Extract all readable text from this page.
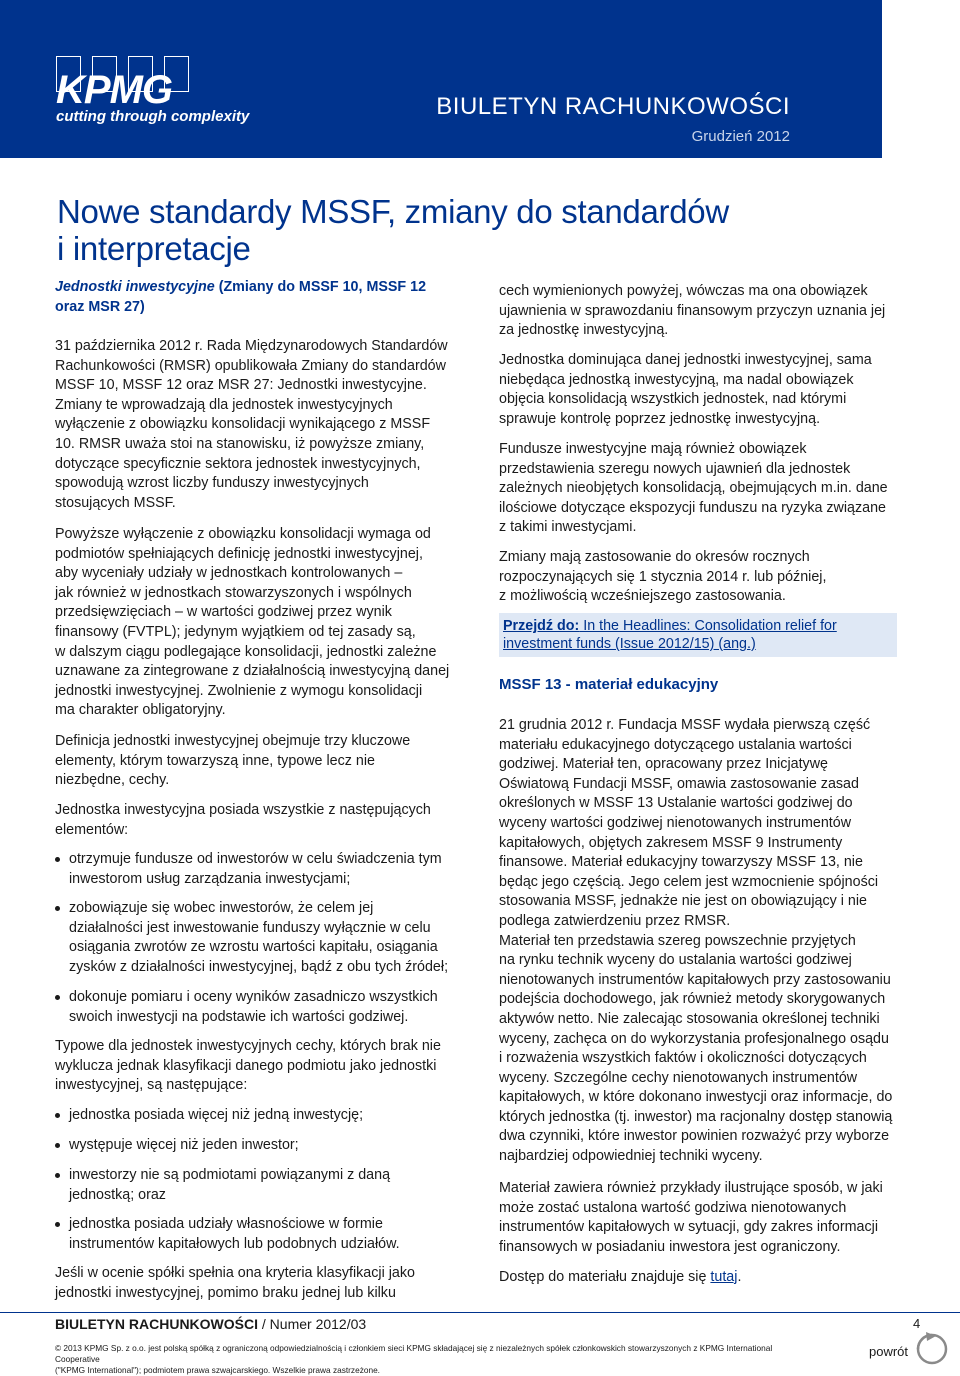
KPMG
cutting through complexity	BIULETYN RACHUNKOWOŚCI
Grudzień 2012
Nowe standardy MSSF, zmiany do standardów
i interpretacje

Jednostki inwestycyjne (Zmiany do MSSF 10, MSSF 12
oraz MSR 27)

31 października 2012 r. Rada Międzynarodowych Standardów
Rachunkowości (RMSR) opublikowała Zmiany do standardów
MSSF 10, MSSF 12 oraz MSR 27: Jednostki inwestycyjne.
Zmiany te wprowadzają dla jednostek inwestycyjnych
wyłączenie z obowiązku konsolidacji wynikającego z MSSF
10. RMSR uważa stoi na stanowisku, iż powyższe zmiany,
dotyczące specyficznie sektora jednostek inwestycyjnych,
spowodują wzrost liczby funduszy inwestycyjnych
stosujących MSSF.
Powyższe wyłączenie z obowiązku konsolidacji wymaga od
podmiotów spełniających definicję jednostki inwestycyjnej,
aby wyceniały udziały w jednostkach kontrolowanych –
jak również w jednostkach stowarzyszonych i wspólnych
przedsięwzięciach – w wartości godziwej przez wynik
finansowy (FVTPL); jedynym wyjątkiem od tej zasady są,
w dalszym ciągu podlegające konsolidacji, jednostki zależne
uznawane za zintegrowane z działalnością inwestycyjną danej
jednostki inwestycyjnej. Zwolnienie z wymogu konsolidacji
ma charakter obligatoryjny.
Definicja jednostki inwestycyjnej obejmuje trzy kluczowe
elementy, którym towarzyszą inne, typowe lecz nie
niezbędne, cechy.
Jednostka inwestycyjna posiada wszystkie z następujących
elementów:
otrzymuje fundusze od inwestorów w celu świadczenia tym
inwestorom usług zarządzania inwestycjami;
zobowiązuje się wobec inwestorów, że celem jej
działalności jest inwestowanie funduszy wyłącznie w celu
osiągania zwrotów ze wzrostu wartości kapitału, osiągania
zysków z działalności inwestycyjnej, bądź z obu tych źródeł;
dokonuje pomiaru i oceny wyników zasadniczo wszystkich
swoich inwestycji na podstawie ich wartości godziwej.
Typowe dla jednostek inwestycyjnych cechy, których brak nie
wyklucza jednak klasyfikacji danego podmiotu jako jednostki
inwestycyjnej, są następujące:
jednostka posiada więcej niż jedną inwestycję;
występuje więcej niż jeden inwestor;
inwestorzy nie są podmiotami powiązanymi z daną
jednostką; oraz
jednostka posiada udziały własnościowe w formie
instrumentów kapitałowych lub podobnych udziałów.
Jeśli w ocenie spółki spełnia ona kryteria klasyfikacji jako
jednostki inwestycyjnej, pomimo braku jednej lub kilku
cech wymienionych powyżej, wówczas ma ona obowiązek
ujawnienia w sprawozdaniu finansowym przyczyn uznania jej
za jednostkę inwestycyjną.
Jednostka dominująca danej jednostki inwestycyjnej, sama
niebędąca jednostką inwestycyjną, ma nadal obowiązek
objęcia konsolidacją wszystkich jednostek, nad którymi
sprawuje kontrolę poprzez jednostkę inwestycyjną.
Fundusze inwestycyjne mają również obowiązek
przedstawienia szeregu nowych ujawnień dla jednostek
zależnych nieobjętych konsolidacją, obejmujących m.in. dane
ilościowe dotyczące ekspozycji funduszu na ryzyka związane
z takimi inwestycjami.
Zmiany mają zastosowanie do okresów rocznych
rozpoczynających się 1 stycznia 2014 r. lub później,
z możliwością wcześniejszego zastosowania.
Przejdź do: In the Headlines: Consolidation relief for
investment funds (Issue 2012/15) (ang.)
MSSF 13 - materiał edukacyjny
21 grudnia 2012 r. Fundacja MSSF wydała pierwszą część
materiału edukacyjnego dotyczącego ustalania wartości
godziwej. Materiał ten, opracowany przez Inicjatywę
Oświatową Fundacji MSSF, omawia zastosowanie zasad
określonych w MSSF 13 Ustalanie wartości godziwej do
wyceny wartości godziwej nienotowanych instrumentów
kapitałowych, objętych zakresem MSSF 9 Instrumenty
finansowe. Materiał edukacyjny towarzyszy MSSF 13, nie
będąc jego częścią. Jego celem jest wzmocnienie spójności
stosowania MSSF, jednakże nie jest on obowiązujący i nie
podlega zatwierdzeniu przez RMSR.
Materiał ten przedstawia szereg powszechnie przyjętych
na rynku technik wyceny do ustalania wartości godziwej
nienotowanych instrumentów kapitałowych przy zastosowaniu
podejścia dochodowego, jak również metody skorygowanych
aktywów netto. Nie zalecając stosowania określonej techniki
wyceny, zachęca on do wykorzystania profesjonalnego osądu
i rozważenia wszystkich faktów i okoliczności dotyczących
wyceny. Szczególne cechy nienotowanych instrumentów
kapitałowych, w które dokonano inwestycji oraz informacje, do
których jednostka (tj. inwestor) ma racjonalny dostęp stanowią
dwa czynniki, które inwestor powinien rozważyć przy wyborze
najbardziej odpowiedniej techniki wyceny.
Materiał zawiera również przykłady ilustrujące sposób, w jaki
może zostać ustalona wartość godziwa nienotowanych
instrumentów kapitałowych w sytuacji, gdy zakres informacji
finansowych w posiadaniu inwestora jest ograniczony.
Dostęp do materiału znajduje się tutaj.
BIULETYN RACHUNKOWOŚCI / Numer 2012/03	4
© 2013 KPMG Sp. z o.o. jest polską spółką z ograniczoną odpowiedzialnością i członkiem sieci KPMG składającej się z niezależnych spółek członkowskich stowarzyszonych z KPMG International Cooperative
("KPMG International"); podmiotem prawa szwajcarskiego. Wszelkie prawa zastrzeżone.
powrót
